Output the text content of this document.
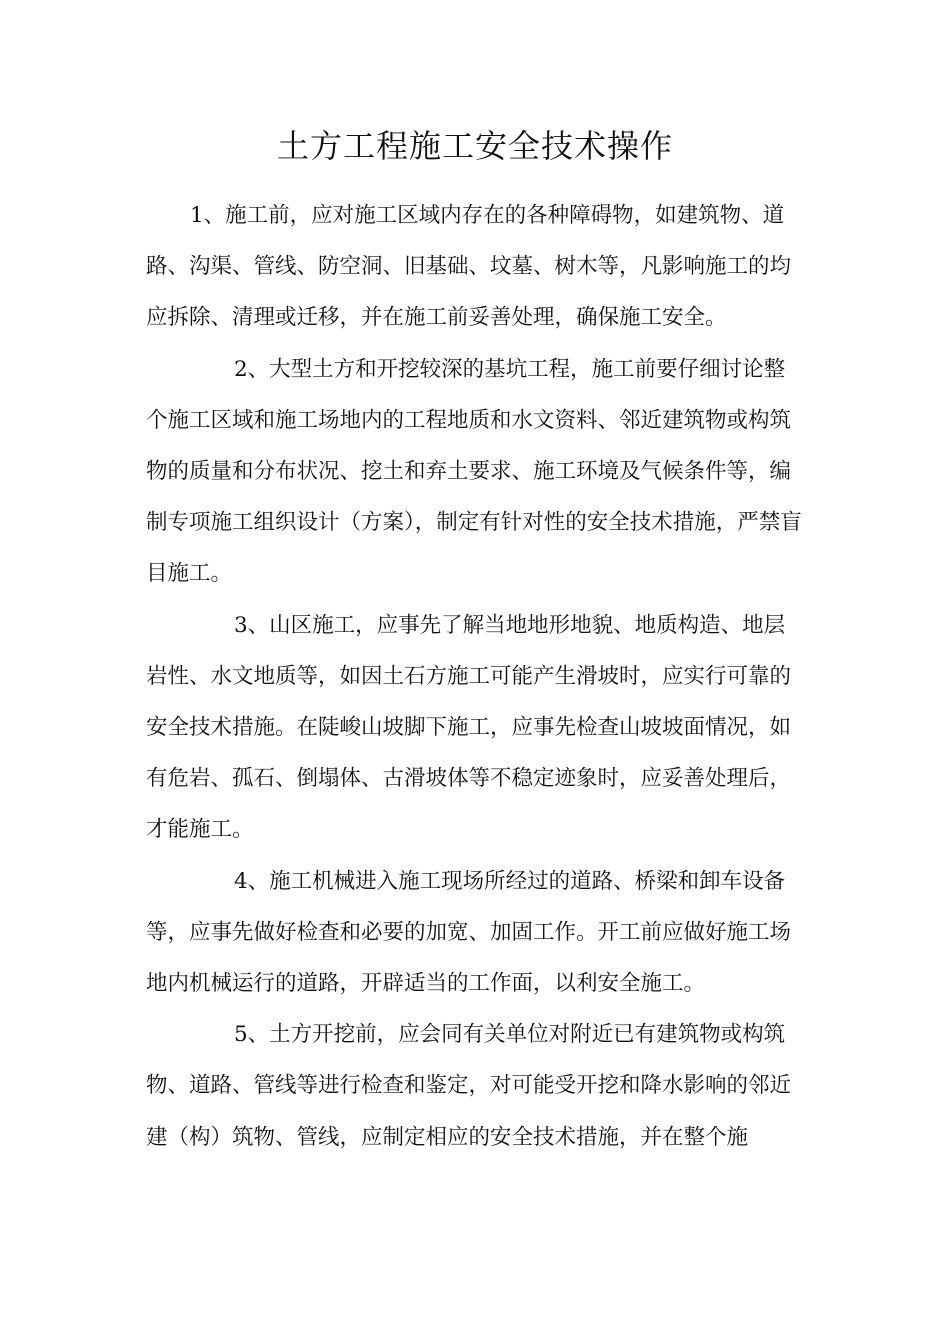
土方工程施工安全技术操作

1、施工前，应对施工区域内存在的各种障碍物，如建筑物、道路、沟渠、管线、防空洞、旧基础、坟墓、树木等，凡影响施工的均应拆除、清理或迁移，并在施工前妥善处理，确保施工安全。

2、大型土方和开挖较深的基坑工程，施工前要仔细讨论整个施工区域和施工场地内的工程地质和水文资料、邻近建筑物或构筑物的质量和分布状况、挖土和弃土要求、施工环境及气候条件等，编制专项施工组织设计（方案），制定有针对性的安全技术措施，严禁盲目施工。

3、山区施工，应事先了解当地地形地貌、地质构造、地层岩性、水文地质等，如因土石方施工可能产生滑坡时，应实行可靠的安全技术措施。在陡峻山坡脚下施工，应事先检查山坡坡面情况，如有危岩、孤石、倒塌体、古滑坡体等不稳定迹象时，应妥善处理后，才能施工。

4、施工机械进入施工现场所经过的道路、桥梁和卸车设备等，应事先做好检查和必要的加宽、加固工作。开工前应做好施工场地内机械运行的道路，开辟适当的工作面，以利安全施工。

5、土方开挖前，应会同有关单位对附近已有建筑物或构筑物、道路、管线等进行检查和鉴定，对可能受开挖和降水影响的邻近建（构）筑物、管线，应制定相应的安全技术措施，并在整个施
